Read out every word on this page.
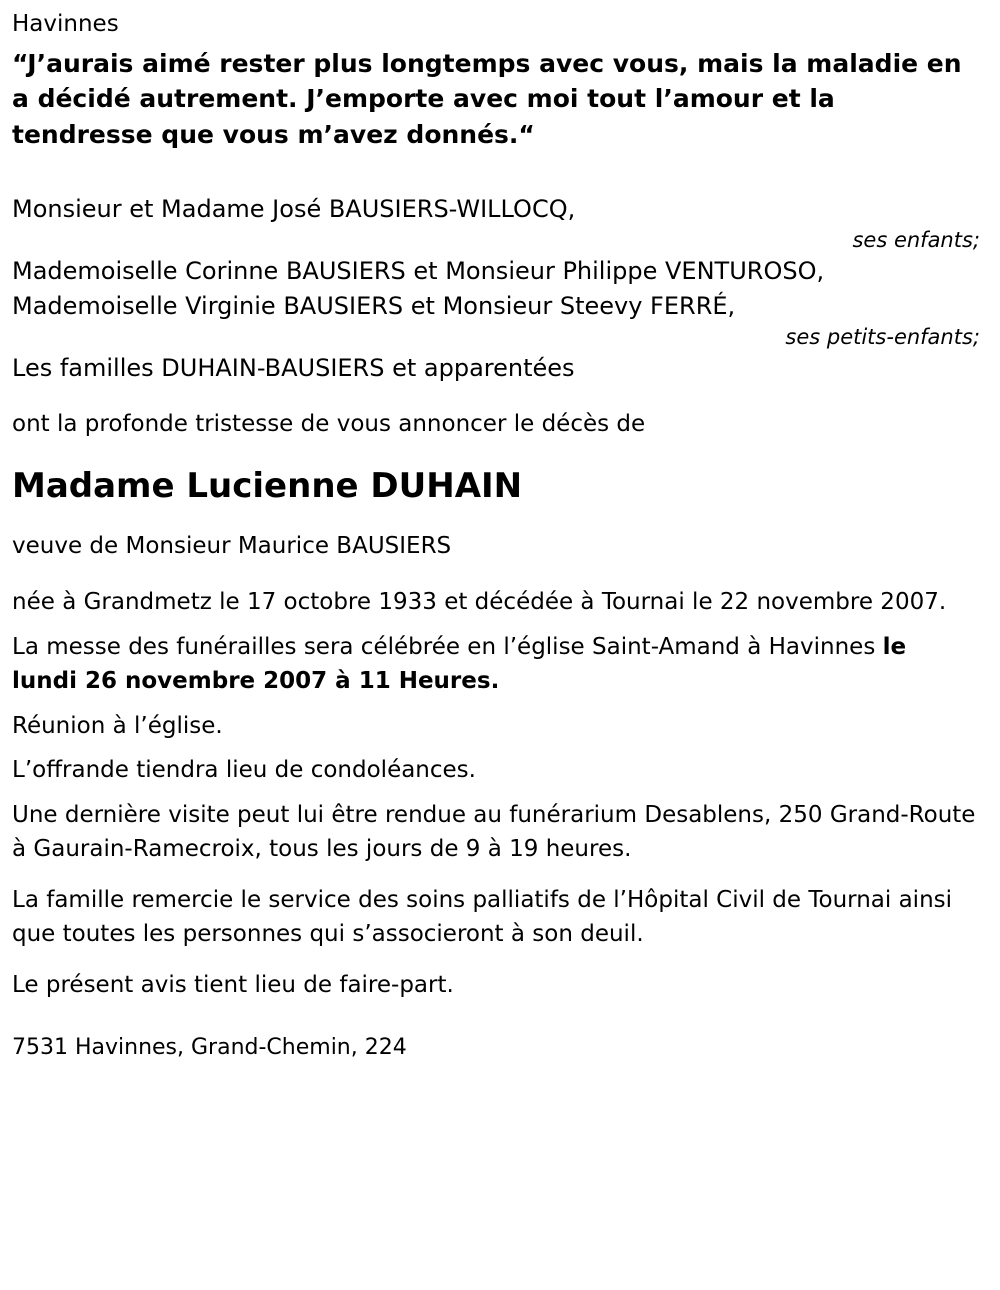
Havinnes

“J’aurais aimé rester plus longtemps avec vous, mais la maladie en a décidé autrement. J’emporte avec moi tout l’amour et la tendresse que vous m’avez donnés.“

Monsieur et Madame José BAUSIERS-WILLOCQ,

ses enfants;

Mademoiselle Corinne BAUSIERS et Monsieur Philippe VENTUROSO,

Mademoiselle Virginie BAUSIERS et Monsieur Steevy FERRÉ,

ses petits-enfants;

Les familles DUHAIN-BAUSIERS et apparentées

ont la profonde tristesse de vous annoncer le décès de

Madame Lucienne DUHAIN

veuve de Monsieur Maurice BAUSIERS

née à Grandmetz le 17 octobre 1933 et décédée à Tournai le 22 novembre 2007.

La messe des funérailles sera célébrée en l’église Saint-Amand à Havinnes le lundi 26 novembre 2007 à 11 Heures.

Réunion à l’église.

L’offrande tiendra lieu de condoléances.

Une dernière visite peut lui être rendue au funérarium Desablens, 250 Grand-Route à Gaurain-Ramecroix, tous les jours de 9 à 19 heures.

La famille remercie le service des soins palliatifs de l’Hôpital Civil de Tournai ainsi que toutes les personnes qui s’associeront à son deuil.

Le présent avis tient lieu de faire-part.

7531 Havinnes, Grand-Chemin, 224
